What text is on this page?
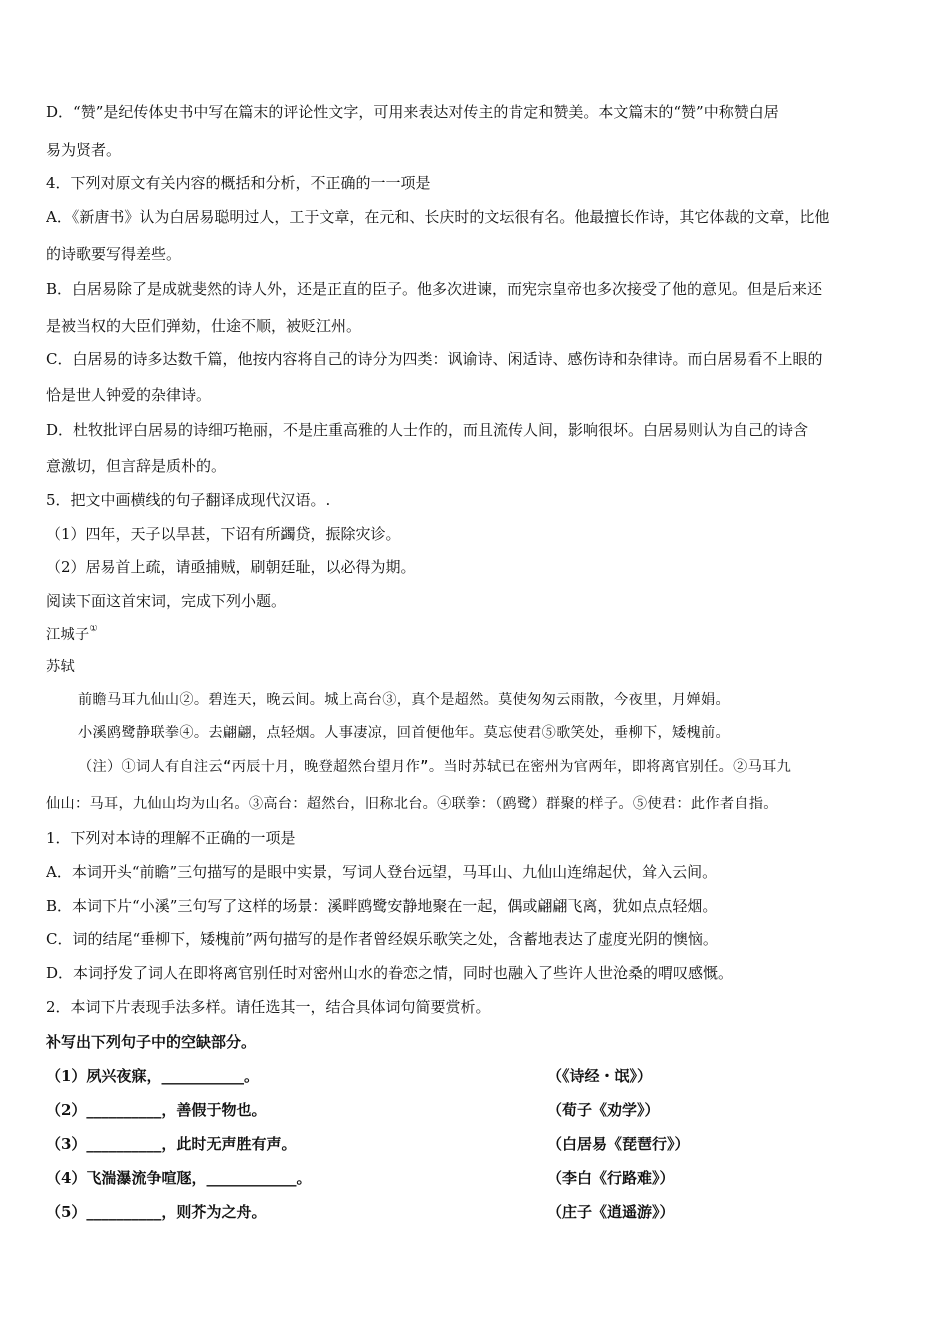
D．“赞”是纪传体史书中写在篇末的评论性文字，可用来表达对传主的肯定和赞美。本文篇末的“赞”中称赞白居
易为贤者。
4．下列对原文有关内容的概括和分析，不正确的一一项是
A．《新唐书》认为白居易聪明过人，工于文章，在元和、长庆时的文坛很有名。他最擅长作诗，其它体裁的文章，比他
的诗歌要写得差些。
B．白居易除了是成就斐然的诗人外，还是正直的臣子。他多次进谏，而宪宗皇帝也多次接受了他的意见。但是后来还
是被当权的大臣们弹劾，仕途不顺，被贬江州。
C．白居易的诗多达数千篇，他按内容将自己的诗分为四类：讽谕诗、闲适诗、感伤诗和杂律诗。而白居易看不上眼的
恰是世人钟爱的杂律诗。
D．杜牧批评白居易的诗细巧艳丽，不是庄重高雅的人士作的，而且流传人间，影响很坏。白居易则认为自己的诗含
意激切，但言辞是质朴的。
5．把文中画横线的句子翻译成现代汉语。.
（1）四年，天子以旱甚，下诏有所蠲贷，振除灾诊。
（2）居易首上疏，请亟捕贼，刷朝廷耻，以必得为期。
阅读下面这首宋词，完成下列小题。
江城子①
苏轼
前瞻马耳九仙山②。碧连天，晚云间。城上高台③，真个是超然。莫使匆匆云雨散，今夜里，月婵娟。
小溪鸥鹭静联拳④。去翩翩，点轻烟。人事凄凉，回首便他年。莫忘使君⑤歌笑处，垂柳下，矮槐前。
（注）①词人有自注云“丙辰十月，晚登超然台望月作”。当时苏轼已在密州为官两年，即将离官别任。②马耳九
仙山：马耳，九仙山均为山名。③高台：超然台，旧称北台。④联拳：（鸥鹭）群聚的样子。⑤使君：此作者自指。
1．下列对本诗的理解不正确的一项是
A．本词开头“前瞻”三句描写的是眼中实景，写词人登台远望，马耳山、九仙山连绵起伏，耸入云间。
B．本词下片“小溪”三句写了这样的场景：溪畔鸥鹭安静地聚在一起，偶或翩翩飞离，犹如点点轻烟。
C．词的结尾“垂柳下，矮槐前”两句描写的是作者曾经娱乐歌笑之处，含蓄地表达了虚度光阴的懊恼。
D．本词抒发了词人在即将离官别任时对密州山水的眷恋之情，同时也融入了些许人世沧桑的喟叹感慨。
2．本词下片表现手法多样。请任选其一，结合具体词句简要赏析。
补写出下列句子中的空缺部分。
（1）夙兴夜寐，___________。	（《诗经・氓》）
（2）__________，善假于物也。	（荀子《劝学》）
（3）__________，此时无声胜有声。	（白居易《琵琶行》）
（4）飞湍瀑流争喧豗，____________。	（李白《行路难》）
（5）__________，则芥为之舟。	（庄子《逍遥游》）
